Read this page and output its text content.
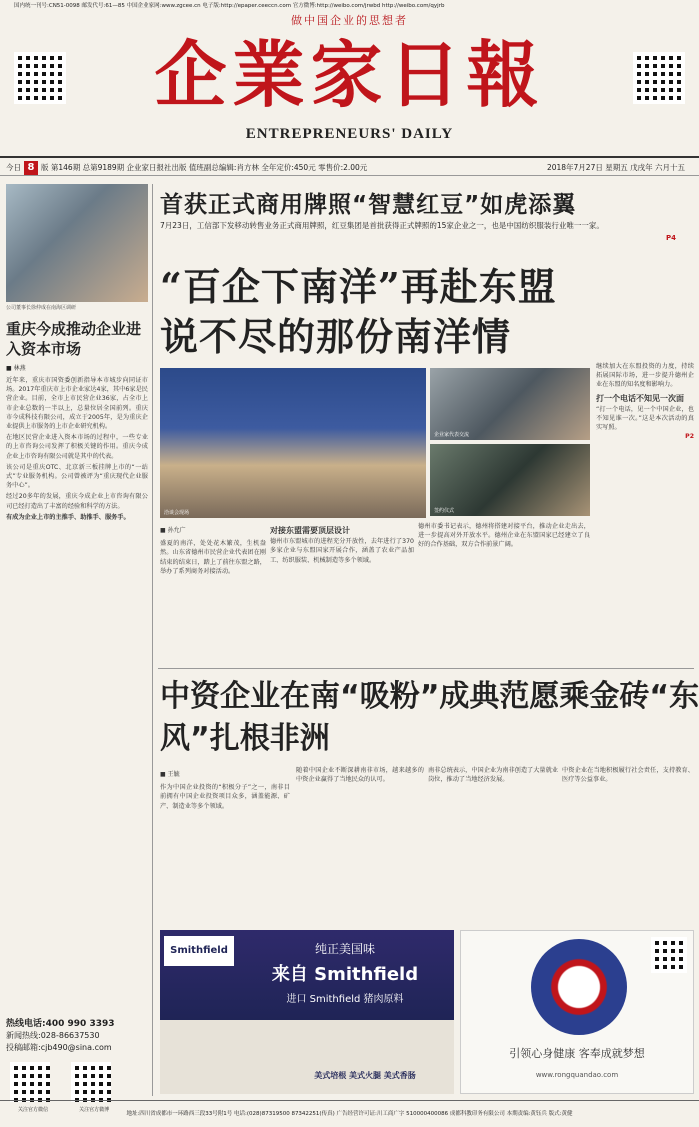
国内统一刊号:CN51-0098 邮发代号:61—85 中国企业家网:www.zgcee.cn 电子版:http://epaper.ceeccn.com 官方微博:http://weibo.com/jrwbd http://weibo.com/qyjrb
做中国企业的思想者
企業家日報
ENTREPRENEURS' DAILY
今日 8 版 第146期 总第9189期 企业家日报社出版 值班副总编辑:肖方林 全年定价:450元 零售价:2.00元	2018年7月27日 星期五 戊戌年 六月十五
公司董事长徐仲成在南海区调研
重庆今成推动企业进入资本市场
■ 林燕

近年来，重庆市国资委创新指导本市城步向同证市场。2017年重庆市上市企业家达4家，其中6家是民营企业。目前，全市上市民营企业36家，占全市上市企业总数的一半以上，总量位居全国前列。重庆市今成科技有限公司，成立于2005年，是为重庆企业提供上市服务的上市企业研究机构。

在地区民营企业进入资本市场的过程中，一些专业的上市咨询公司发挥了积极关键的作用。重庆今成企业上市咨询有限公司就是其中的代表。

该公司是重庆OTC、北京新三板挂牌上市的“一站式”专业服务机构。公司曾被评为“重庆现代企业服务中心”。

经过20多年的发展，重庆今成企业上市咨询有限公司已经打造出了丰富的经验和科学的方法。

有成为企业上市的主推手、助推手、服务手。

热线电话:400 990 3393
新闻热线:028-86637530
投稿邮箱:cjb490@sina.com
关注官方微信
	关注官方微博
首获正式商用牌照“智慧红豆”如虎添翼
7月23日，工信部下发移动转售业务正式商用牌照，红豆集团是首批获得正式牌照的15家企业之一，也是中国纺织服装行业唯一一家。
P4
“百企下南洋”再赴东盟说不尽的那份南洋情
洽谈会现场
企业家代表交流
签约仪式
■ 孙允广
盛夏的南洋，处处花木繁茂，生机盎然。山东省德州市民营企业代表团在刚结束的结束日，踏上了前往东盟之路，举办了系列商务对接活动。
对接东盟需要顶层设计
德州市东盟城市的进程充分开放性，去年进行了370多家企业与东盟国家开展合作，涵盖了农业产品加工、纺织服装、机械制造等多个领域。
德州市委书记表示，德州将搭建对接平台，推动企业走出去，进一步提高对外开放水平。德州企业在东盟国家已经建立了良好的合作基础，双方合作前景广阔。
继续加大在东盟投资的力度，持续拓展国际市场，进一步提升德州企业在东盟的知名度和影响力。
打一个电话不知见一次面
“打一个电话，见一个中国企业，也不知见谁一次。”这是本次活动的真实写照。
P2
中资企业在南“吸粉”成典范愿乘金砖“东风”扎根非洲
■ 王毓
作为中国企业投资的“积极分子”之一，南非目前拥有中国企业投资项目众多，涵盖能源、矿产、制造业等多个领域。
随着中国企业不断深耕南非市场，越来越多的中资企业赢得了当地民众的认可。
南非总统表示，中国企业为南非创造了大量就业岗位，推动了当地经济发展。
中资企业在当地积极履行社会责任，支持教育、医疗等公益事业。
Smithfield	纯正美国味
来自 Smithfield
进口 Smithfield 猪肉原料
美式培根 美式火腿 美式香肠
引领心身健康 客奉成就梦想
www.rongquandao.com
地址:四川省成都市一环路西三段33号附1号 电话:(028)87319500 87342251(传真) 广告经营许可证:川工商广字 510000400086 成都科教印务有限公司 本期责编:黄钰兵 版式:黄健
